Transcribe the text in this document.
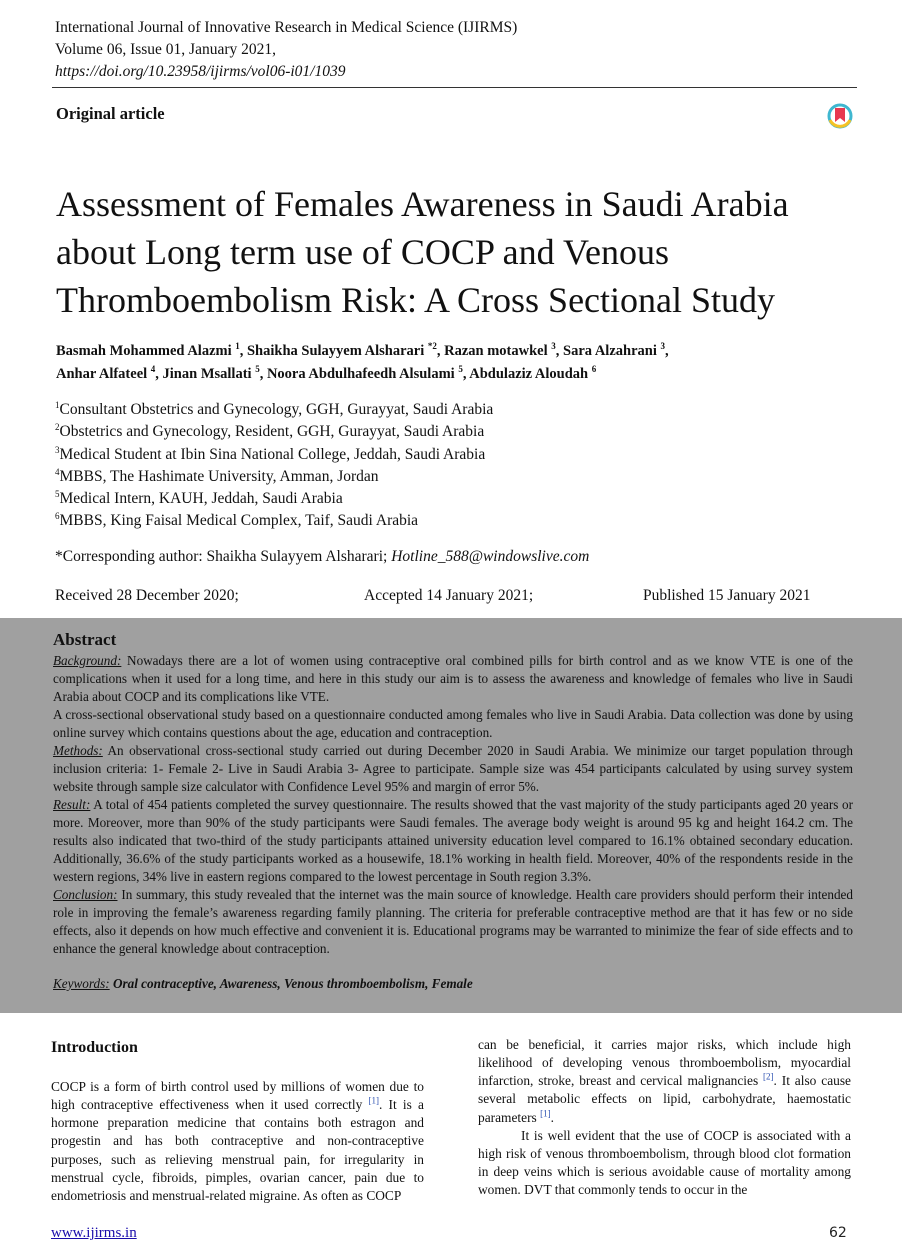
International Journal of Innovative Research in Medical Science (IJIRMS)
Volume 06, Issue 01, January 2021,
https://doi.org/10.23958/ijirms/vol06-i01/1039
Original article
Assessment of Females Awareness in Saudi Arabia
about Long term use of COCP and Venous
Thromboembolism Risk: A Cross Sectional Study
Basmah Mohammed Alazmi $^1$, Shaikha Sulayyem Alsharari $^{*2}$, Razan motawkel $^3$, Sara Alzahrani $^3$,
Anhar Alfateel $^4$, Jinan Msallati $^5$, Noora Abdulhafeedh Alsulami $^5$, Abdulaziz Aloudah $^6$
$^1$Consultant Obstetrics and Gynecology, GGH, Gurayyat, Saudi Arabia
$^2$Obstetrics and Gynecology, Resident, GGH, Gurayyat, Saudi Arabia
$^3$Medical Student at Ibin Sina National College, Jeddah, Saudi Arabia
$^4$MBBS, The Hashimate University, Amman, Jordan
$^5$Medical Intern, KAUH, Jeddah, Saudi Arabia
$^6$MBBS, King Faisal Medical Complex, Taif, Saudi Arabia
*Corresponding author: Shaikha Sulayyem Alsharari; Hotline_588@windowslive.com
Received 28 December 2020;	Accepted 14 January 2021;	Published 15 January 2021
Abstract

Background: Nowadays there are a lot of women using contraceptive oral combined pills for birth control and as we know VTE is one of the complications when it used for a long time, and here in this study our aim is to assess the awareness and knowledge of females who live in Saudi Arabia about COCP and its complications like VTE.

A cross-sectional observational study based on a questionnaire conducted among females who live in Saudi Arabia. Data collection was done by using online survey which contains questions about the age, education and contraception.

Methods: An observational cross-sectional study carried out during December 2020 in Saudi Arabia. We minimize our target population through inclusion criteria: 1- Female 2- Live in Saudi Arabia 3- Agree to participate. Sample size was 454 participants calculated by using survey system website through sample size calculator with Confidence Level 95% and margin of error 5%.

Result: A total of 454 patients completed the survey questionnaire. The results showed that the vast majority of the study participants aged 20 years or more. Moreover, more than 90% of the study participants were Saudi females. The average body weight is around 95 kg and height 164.2 cm. The results also indicated that two-third of the study participants attained university education level compared to 16.1% obtained secondary education. Additionally, 36.6% of the study participants worked as a housewife, 18.1% working in health field. Moreover, 40% of the respondents reside in the western regions, 34% live in eastern regions compared to the lowest percentage in South region 3.3%.

Conclusion: In summary, this study revealed that the internet was the main source of knowledge. Health care providers should perform their intended role in improving the female’s awareness regarding family planning. The criteria for preferable contraceptive method are that it has few or no side effects, also it depends on how much effective and convenient it is. Educational programs may be warranted to minimize the fear of side effects and to enhance the general knowledge about contraception.

Keywords: Oral contraceptive, Awareness, Venous thromboembolism, Female

Introduction

COCP is a form of birth control used by millions of women due to high contraceptive effectiveness when it used correctly [1]. It is a hormone preparation medicine that contains both estragon and progestin and has both contraceptive and non-contraceptive purposes, such as relieving menstrual pain, for irregularity in menstrual cycle, fibroids, pimples, ovarian cancer, pain due to endometriosis and menstrual-related migraine. As often as COCP

can be beneficial, it carries major risks, which include high likelihood of developing venous thromboembolism, myocardial infarction, stroke, breast and cervical malignancies [2]. It also cause several metabolic effects on lipid, carbohydrate, haemostatic parameters [1].

It is well evident that the use of COCP is associated with a high risk of venous thromboembolism, through blood clot formation in deep veins which is serious avoidable cause of mortality among women. DVT that commonly tends to occur in the

www.ijirms.in	62
